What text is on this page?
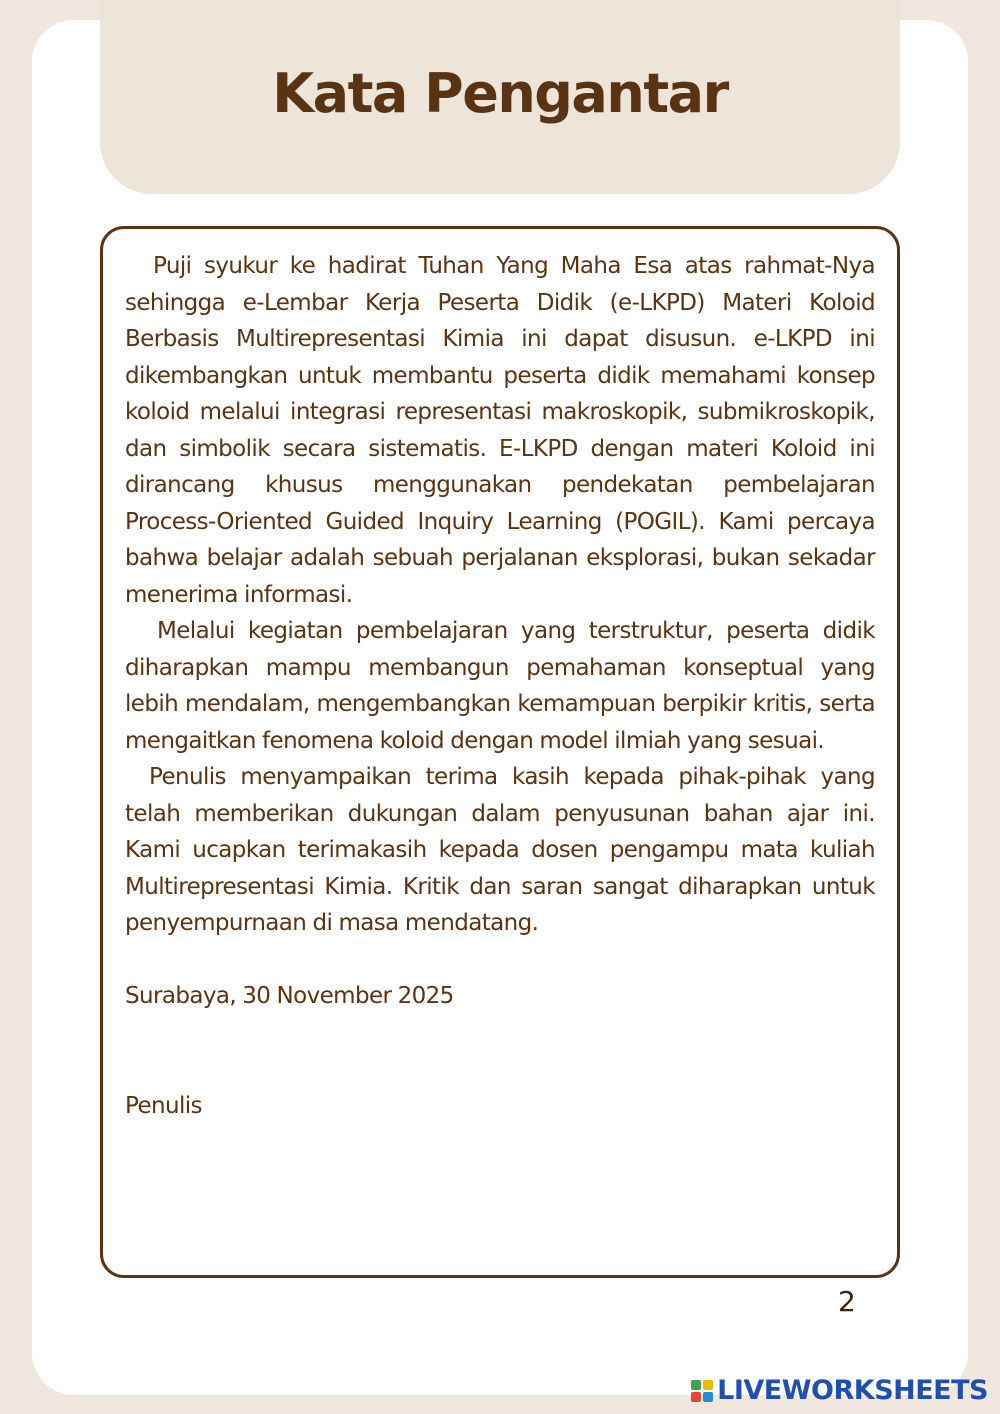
Kata Pengantar

Puji syukur ke hadirat Tuhan Yang Maha Esa atas rahmat-Nya sehingga e-Lembar Kerja Peserta Didik (e-LKPD) Materi Koloid Berbasis Multirepresentasi Kimia ini dapat disusun. e-LKPD ini dikembangkan untuk membantu peserta didik memahami konsep koloid melalui integrasi representasi makroskopik, submikroskopik, dan simbolik secara sistematis. E-LKPD dengan materi Koloid ini dirancang khusus menggunakan pendekatan pembelajaran Process-Oriented Guided Inquiry Learning (POGIL). Kami percaya bahwa belajar adalah sebuah perjalanan eksplorasi, bukan sekadar menerima informasi.

Melalui kegiatan pembelajaran yang terstruktur, peserta didik diharapkan mampu membangun pemahaman konseptual yang lebih mendalam, mengembangkan kemampuan berpikir kritis, serta mengaitkan fenomena koloid dengan model ilmiah yang sesuai.

Penulis menyampaikan terima kasih kepada pihak-pihak yang telah memberikan dukungan dalam penyusunan bahan ajar ini. Kami ucapkan terimakasih kepada dosen pengampu mata kuliah Multirepresentasi Kimia. Kritik dan saran sangat diharapkan untuk penyempurnaan di masa mendatang.

Surabaya, 30 November 2025

Penulis

2
LIVEWORKSHEETS
